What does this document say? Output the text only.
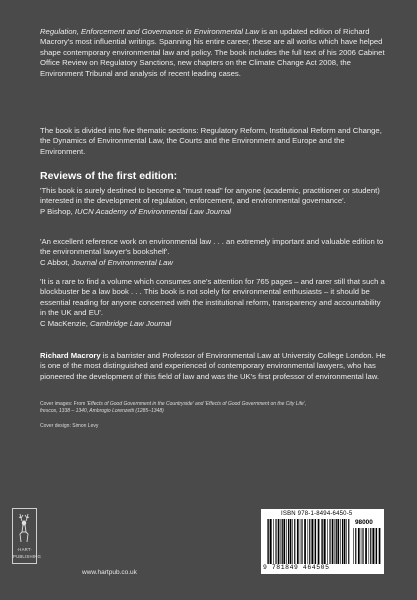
Regulation, Enforcement and Governance in Environmental Law is an updated edition of Richard Macrory's most influential writings. Spanning his entire career, these are all works which have helped shape contemporary environmental law and policy. The book includes the full text of his 2006 Cabinet Office Review on Regulatory Sanctions, new chapters on the Climate Change Act 2008, the Environment Tribunal and analysis of recent leading cases.

The book is divided into five thematic sections: Regulatory Reform, Institutional Reform and Change, the Dynamics of Environmental Law, the Courts and the Environment and Europe and the Environment.

Reviews of the first edition:

'This book is surely destined to become a "must read" for anyone (academic, practitioner or student) interested in the development of regulation, enforcement, and environmental governance'.

P Bishop, IUCN Academy of Environmental Law Journal

'An excellent reference work on environmental law . . . an extremely important and valuable edition to the environmental lawyer's bookshelf'.

C Abbot, Journal of Environmental Law

'It is a rare to find a volume which consumes one's attention for 765 pages – and rarer still that such a blockbuster be a law book . . . This book is not solely for environmental enthusiasts – it should be essential reading for anyone concerned with the institutional reform, transparency and accountability in the UK and EU'.

C MacKenzie, Cambridge Law Journal

Richard Macrory is a barrister and Professor of Environmental Law at University College London. He is one of the most distinguished and experienced of contemporary environmental lawyers, who has pioneered the development of this field of law and was the UK's first professor of environmental law.

Cover images: From 'Effects of Good Government in the Countryside' and 'Effects of Good Government on the City Life',
frescos, 1338 – 1340, Ambrogio Lorenzetti (1285–1348)

Cover design: Simon Levy

·HART·
PUBLISHING
www.hartpub.co.uk
ISBN 978-1-8494-6450-5
98000
9 781849 464505
